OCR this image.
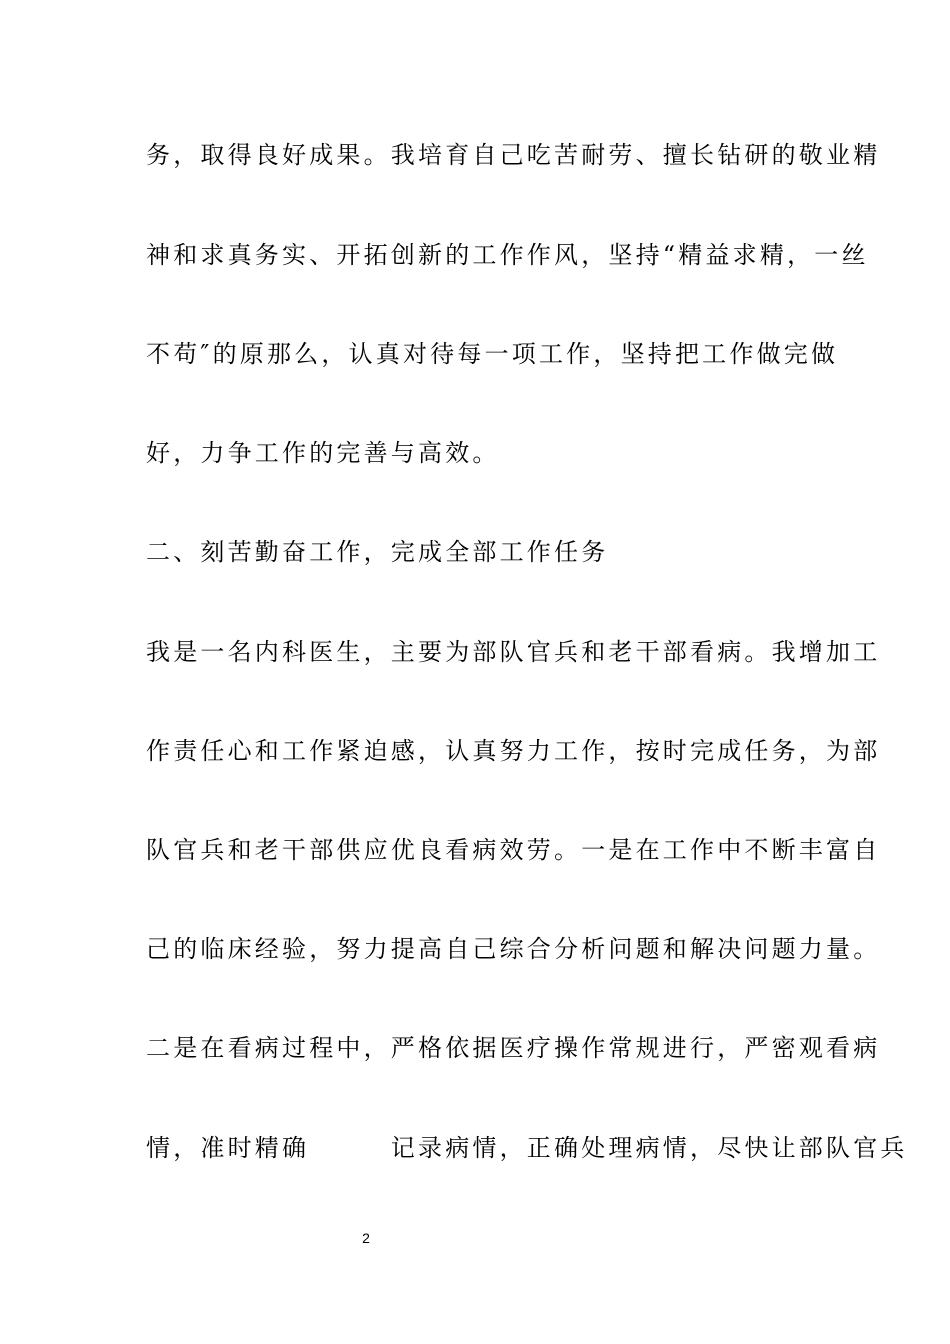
务，取得良好成果。我培育自己吃苦耐劳、擅长钻研的敬业精
神和求真务实、开拓创新的工作作风，坚持“精益求精，一丝
不苟″的原那么，认真对待每一项工作，坚持把工作做完做
好，力争工作的完善与高效。
二、刻苦勤奋工作，完成全部工作任务
我是一名内科医生，主要为部队官兵和老干部看病。我增加工
作责任心和工作紧迫感，认真努力工作，按时完成任务，为部
队官兵和老干部供应优良看病效劳。一是在工作中不断丰富自
己的临床经验，努力提高自己综合分析问题和解决问题力量。
二是在看病过程中，严格依据医疗操作常规进行，严密观看病
情，准时精确　　　记录病情，正确处理病情，尽快让部队官兵
2
